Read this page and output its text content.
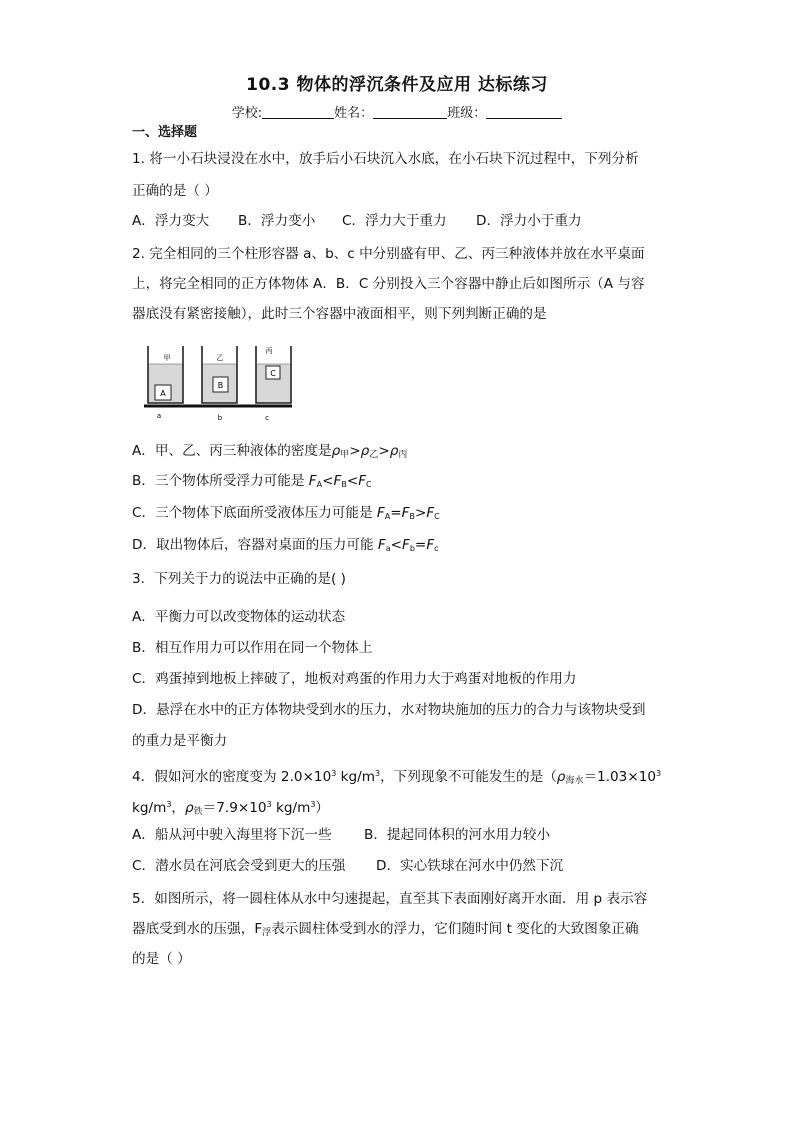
10.3 物体的浮沉条件及应用 达标练习
学校:	姓名：	班级：
一、选择题
1. 将一小石块浸没在水中，放手后小石块沉入水底，在小石块下沉过程中，下列分析
正确的是（ ）
A．浮力变大 B．浮力变小 C．浮力大于重力 D．浮力小于重力
2. 完全相同的三个柱形容器 a、b、c 中分别盛有甲、乙、丙三种液体并放在水平桌面
上，将完全相同的正方体物体 A．B．C 分别投入三个容器中静止后如图所示（A 与容
器底没有紧密接触），此时三个容器中液面相平，则下列判断正确的是
A
B
C
甲	乙
丙
a	b	c
A．甲、乙、丙三种液体的密度是$\rho_甲>\rho_乙>\rho_丙$
B．三个物体所受浮力可能是 $F_A<F_B<F_C$
C．三个物体下底面所受液体压力可能是 $F_A=F_B>F_C$
D．取出物体后，容器对桌面的压力可能 $F_a<F_b=F_c$
3．下列关于力的说法中正确的是( )
A．平衡力可以改变物体的运动状态
B．相互作用力可以作用在同一个物体上
C．鸡蛋掉到地板上摔破了，地板对鸡蛋的作用力大于鸡蛋对地板的作用力
D．悬浮在水中的正方体物块受到水的压力，水对物块施加的压力的合力与该物块受到
的重力是平衡力
4．假如河水的密度变为 $2.0\times 10^3$ $kg/m^3$，下列现象不可能发生的是（$\rho_{海水}=1.03\times 10^3$
$kg/m^3$，$\rho_铁=7.9\times 10^3$ $kg/m^3$）
A．船从河中驶入海里将下沉一些 B．提起同体积的河水用力较小
C．潜水员在河底会受到更大的压强 D．实心铁球在河水中仍然下沉
5．如图所示，将一圆柱体从水中匀速提起，直至其下表面刚好离开水面．用 p 表示容
器底受到水的压强，$F_浮$表示圆柱体受到水的浮力，它们随时间 t 变化的大致图象正确
的是（ ）
